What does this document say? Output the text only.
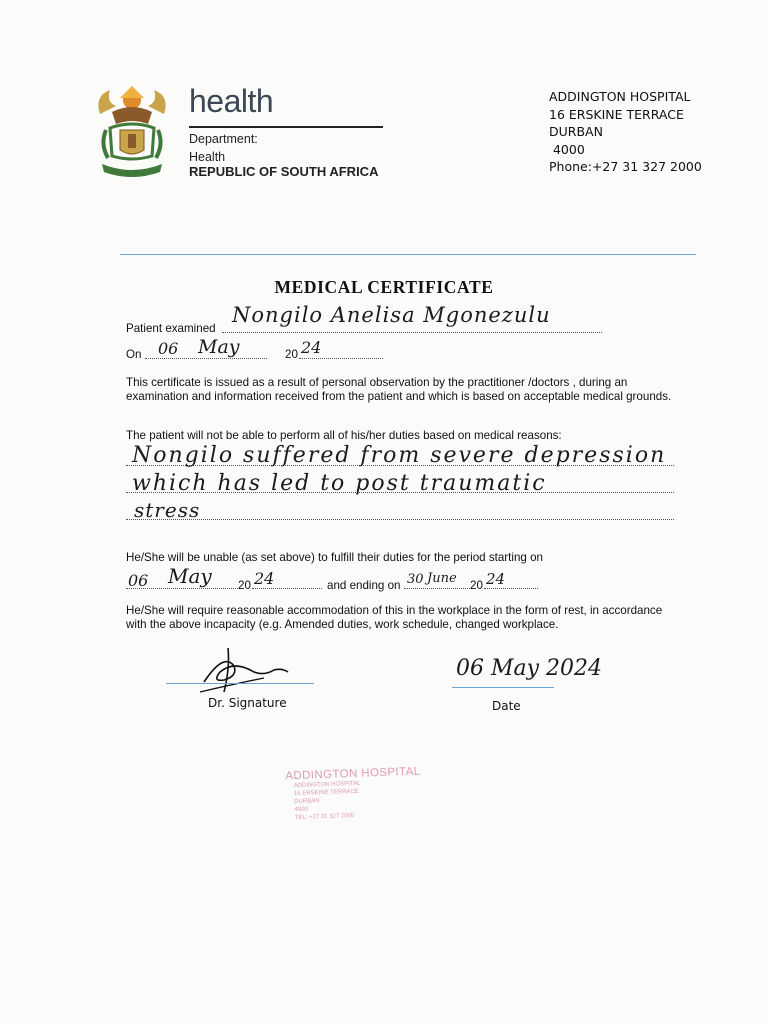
health
Department:
Health
REPUBLIC OF SOUTH AFRICA
ADDINGTON HOSPITAL
16 ERSKINE TERRACE
DURBAN
4000
Phone:+27 31 327 2000
MEDICAL CERTIFICATE
Patient examined
Nongilo Anelisa Mgonezulu
On 06 May	20 24
This certificate is issued as a result of personal observation by the practitioner /doctors , during an examination and information received from the patient and which is based on acceptable medical grounds.
The patient will not be able to perform all of his/her duties based on medical reasons:
Nongilo suffered from severe depression
which has led to post traumatic
stress
He/She will be unable (as set above) to fulfill their duties for the period starting on
06 May 20 24	and ending on 30 June 20 24
He/She will require reasonable accommodation of this in the workplace in the form of rest, in accordance with the above incapacity (e.g. Amended duties, work schedule, changed workplace.
Dr. Signature
06 May 2024
Date
ADDINGTON HOSPITAL
ADDINGTON HOSPITAL
16 ERSKINE TERRACE
DURBAN
4000
TEL: +27 31 327 2000
